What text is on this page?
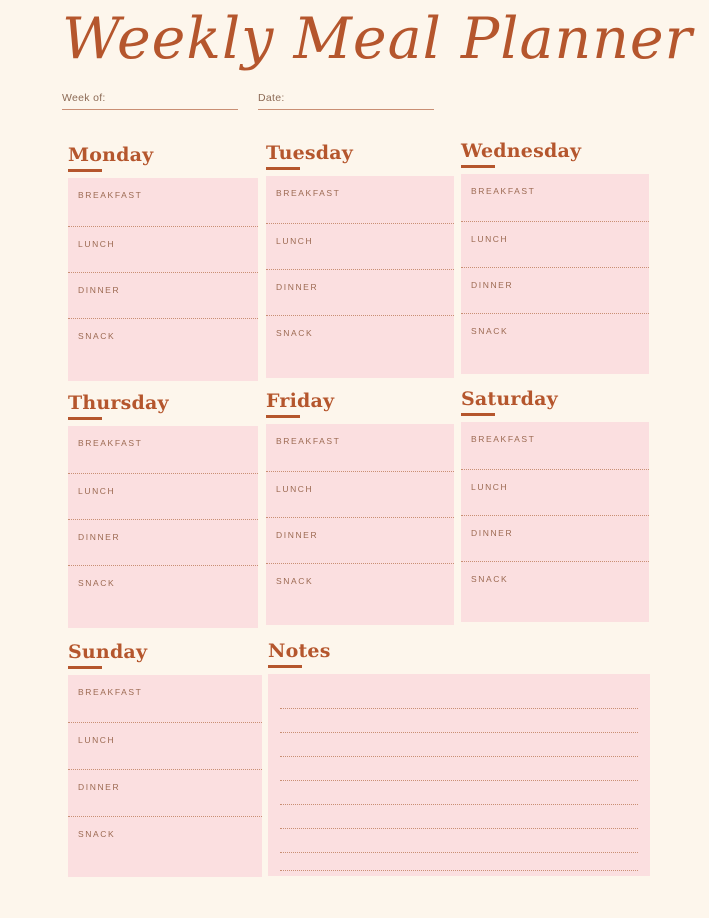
Weekly Meal Planner
Week of:	Date:
Monday
BREAKFAST
LUNCH
DINNER
SNACK
Tuesday
BREAKFAST
LUNCH
DINNER
SNACK
Wednesday
BREAKFAST
LUNCH
DINNER
SNACK
Thursday
BREAKFAST
LUNCH
DINNER
SNACK
Friday
BREAKFAST
LUNCH
DINNER
SNACK
Saturday
BREAKFAST
LUNCH
DINNER
SNACK
Sunday
BREAKFAST
LUNCH
DINNER
SNACK
Notes
